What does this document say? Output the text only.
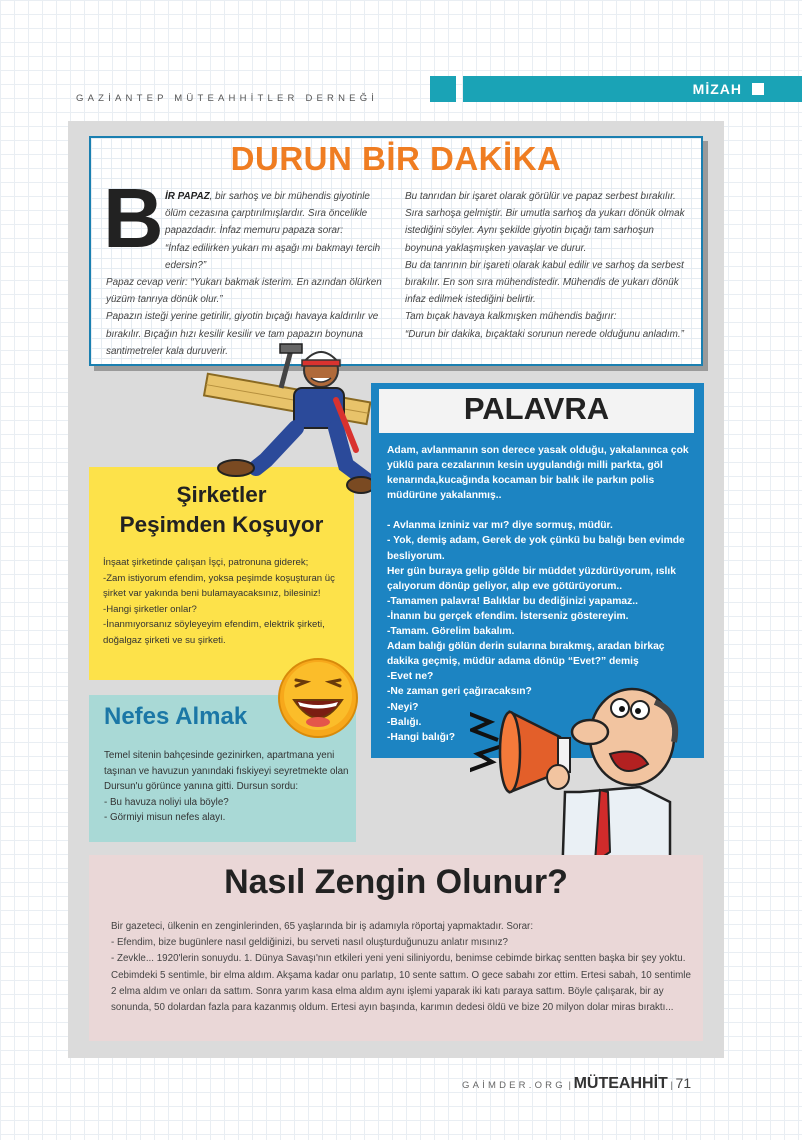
GAZİANTEP MÜTEAHHİTLER DERNEĞİ
MİZAH
DURUN BİR DAKİKA
B İR PAPAZ, bir sarhoş ve bir mühendis giyotinle ölüm cezasına çarptırılmışlardır. Sıra öncelikle papazdadır. İnfaz memuru papaza sorar:

“İnfaz edilirken yukarı mı aşağı mı bakmayı tercih edersin?”

Papaz cevap verir: “Yukarı bakmak isterim. En azından ölürken yüzüm tanrıya dönük olur.”

Papazın isteği yerine getirilir, giyotin bıçağı havaya kaldırılır ve bırakılır. Bıçağın hızı kesilir kesilir ve tam papazın boynuna santimetreler kala duruverir.

Bu tanrıdan bir işaret olarak görülür ve papaz serbest bırakılır. Sıra sarhoşa gelmiştir. Bir umutla sarhoş da yukarı dönük olmak istediğini söyler. Aynı şekilde giyotin bıçağı tam sarhoşun boynuna yaklaşmışken yavaşlar ve durur.

Bu da tanrının bir işareti olarak kabul edilir ve sarhoş da serbest bırakılır. En son sıra mühendistedir. Mühendis de yukarı dönük infaz edilmek istediğini belirtir.

Tam bıçak havaya kalkmışken mühendis bağırır:

“Durun bir dakika, bıçaktaki sorunun nerede olduğunu anladım.”

Şirketler
Peşimden Koşuyor

İnşaat şirketinde çalışan İşçi, patronuna giderek;

-Zam istiyorum efendim, yoksa peşimde koşuşturan üç şirket var yakında beni bulamayacaksınız, bilesiniz!

-Hangi şirketler onlar?

-İnanmıyorsanız söyleyeyim efendim, elektrik şirketi, doğalgaz şirketi ve su şirketi.

Nefes Almak

Temel sitenin bahçesinde gezinirken, apartmana yeni taşınan ve havuzun yanındaki fıskiyeyi seyretmekte olan Dursun'u görünce yanına gitti. Dursun sordu:

- Bu havuza noliyi ula böyle?

- Görmiyi misun nefes alayı.

PALAVRA

Adam, avlanmanın son derece yasak olduğu, yakalanınca çok yüklü para cezalarının kesin uygulandığı milli parkta, göl kenarında,kucağında kocaman bir balık ile parkın polis müdürüne yakalanmış..

- Avlanma izniniz var mı? diye sormuş, müdür.

- Yok, demiş adam, Gerek de yok çünkü bu balığı ben evimde besliyorum.

Her gün buraya gelip gölde bir müddet yüzdürüyorum, ıslık çalıyorum dönüp geliyor, alıp eve götürüyorum..

-Tamamen palavra! Balıklar bu dediğinizi yapamaz..

-İnanın bu gerçek efendim. İsterseniz göstereyim.

-Tamam. Görelim bakalım.

Adam balığı gölün derin sularına bırakmış, aradan birkaç dakika geçmiş, müdür adama dönüp “Evet?” demiş

-Evet ne?

-Ne zaman geri çağıracaksın?

-Neyi?

-Balığı.

-Hangi balığı?

Nasıl Zengin Olunur?

Bir gazeteci, ülkenin en zenginlerinden, 65 yaşlarında bir iş adamıyla röportaj yapmaktadır. Sorar:

- Efendim, bize bugünlere nasıl geldiğinizi, bu serveti nasıl oluşturduğunuzu anlatır mısınız?

- Zevkle... 1920'lerin sonuydu. 1. Dünya Savaşı'nın etkileri yeni yeni siliniyordu, benimse cebimde birkaç sentten başka bir şey yoktu. Cebimdeki 5 sentimle, bir elma aldım. Akşama kadar onu parlatıp, 10 sente sattım. O gece sabahı zor ettim. Ertesi sabah, 10 sentimle 2 elma aldım ve onları da sattım. Sonra yarım kasa elma aldım aynı işlemi yaparak iki katı paraya sattım. Böyle çalışarak, bir ay sonunda, 50 dolardan fazla para kazanmış oldum. Ertesi ayın başında, karımın dedesi öldü ve bize 20 milyon dolar miras bıraktı...

GAİMDER.ORG | MÜTEAHHİT | 71
